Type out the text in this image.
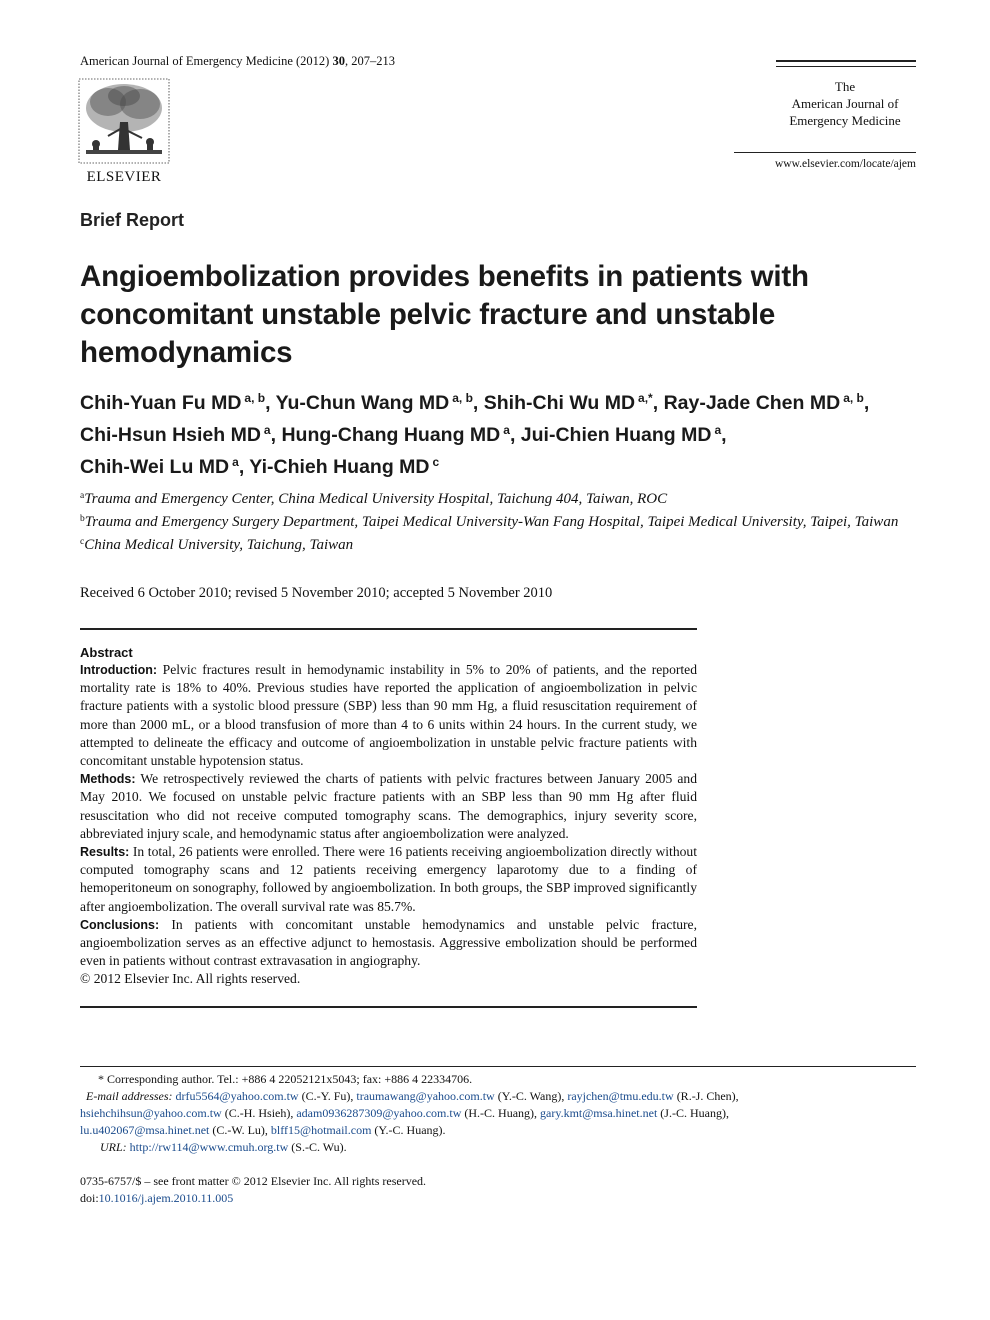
American Journal of Emergency Medicine (2012) 30, 207–213
ELSEVIER
The
American Journal of
Emergency Medicine
www.elsevier.com/locate/ajem
Brief Report
Angioembolization provides benefits in patients with concomitant unstable pelvic fracture and unstable hemodynamics
Chih-Yuan Fu MD $^{a, b}$, Yu-Chun Wang MD $^{a, b}$, Shih-Chi Wu MD $^{a,*}$, Ray-Jade Chen MD $^{a, b}$,
Chi-Hsun Hsieh MD $^a$, Hung-Chang Huang MD $^a$, Jui-Chien Huang MD $^a$,
Chih-Wei Lu MD $^a$, Yi-Chieh Huang MD $^c$
$^a$Trauma and Emergency Center, China Medical University Hospital, Taichung 404, Taiwan, ROC
$^b$Trauma and Emergency Surgery Department, Taipei Medical University-Wan Fang Hospital, Taipei Medical University, Taipei, Taiwan
$^c$China Medical University, Taichung, Taiwan
Received 6 October 2010; revised 5 November 2010; accepted 5 November 2010
Abstract
Introduction: Pelvic fractures result in hemodynamic instability in 5% to 20% of patients, and the reported mortality rate is 18% to 40%. Previous studies have reported the application of angioembolization in pelvic fracture patients with a systolic blood pressure (SBP) less than 90 mm Hg, a fluid resuscitation requirement of more than 2000 mL, or a blood transfusion of more than 4 to 6 units within 24 hours. In the current study, we attempted to delineate the efficacy and outcome of angioembolization in unstable pelvic fracture patients with concomitant unstable hypotension status.
Methods: We retrospectively reviewed the charts of patients with pelvic fractures between January 2005 and May 2010. We focused on unstable pelvic fracture patients with an SBP less than 90 mm Hg after fluid resuscitation who did not receive computed tomography scans. The demographics, injury severity score, abbreviated injury scale, and hemodynamic status after angioembolization were analyzed.
Results: In total, 26 patients were enrolled. There were 16 patients receiving angioembolization directly without computed tomography scans and 12 patients receiving emergency laparotomy due to a finding of hemoperitoneum on sonography, followed by angioembolization. In both groups, the SBP improved significantly after angioembolization. The overall survival rate was 85.7%.
Conclusions: In patients with concomitant unstable hemodynamics and unstable pelvic fracture, angioembolization serves as an effective adjunct to hemostasis. Aggressive embolization should be performed even in patients without contrast extravasation in angiography.
© 2012 Elsevier Inc. All rights reserved.
* Corresponding author. Tel.: +886 4 22052121x5043; fax: +886 4 22334706.
E-mail addresses: drfu5564@yahoo.com.tw (C.-Y. Fu), traumawang@yahoo.com.tw (Y.-C. Wang), rayjchen@tmu.edu.tw (R.-J. Chen),
hsiehchihsun@yahoo.com.tw (C.-H. Hsieh), adam0936287309@yahoo.com.tw (H.-C. Huang), gary.kmt@msa.hinet.net (J.-C. Huang),
lu.u402067@msa.hinet.net (C.-W. Lu), blff15@hotmail.com (Y.-C. Huang).
URL: http://rw114@www.cmuh.org.tw (S.-C. Wu).
0735-6757/$ – see front matter © 2012 Elsevier Inc. All rights reserved.
doi:10.1016/j.ajem.2010.11.005
